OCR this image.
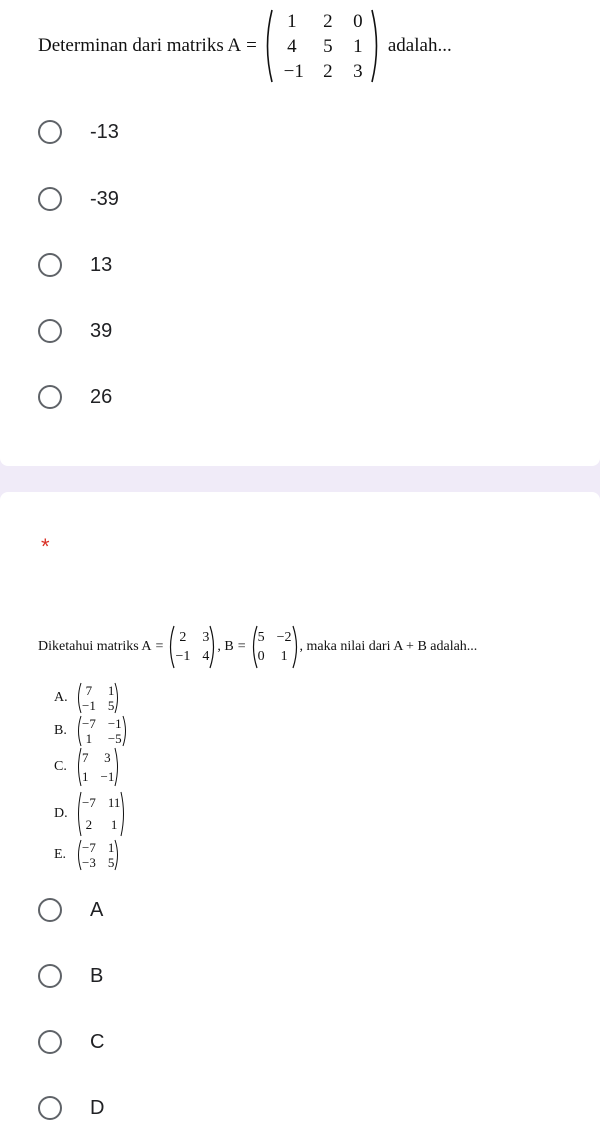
Determinan dari matriks A =
1	2	0
4	5	1
−1	2	3
adalah...
-13
-39
13
39
26
*
Diketahui matriks A =
2 3
−1 4
, B =
5 −2
0 1
, maka nilai dari A + B adalah...
A.	7 1
−1 5
B.	−7 −1
1 −5
C.
7 3
1 −1
D.
−7 11
2 1
E.	−7 1
−3 5
A
B
C
D
